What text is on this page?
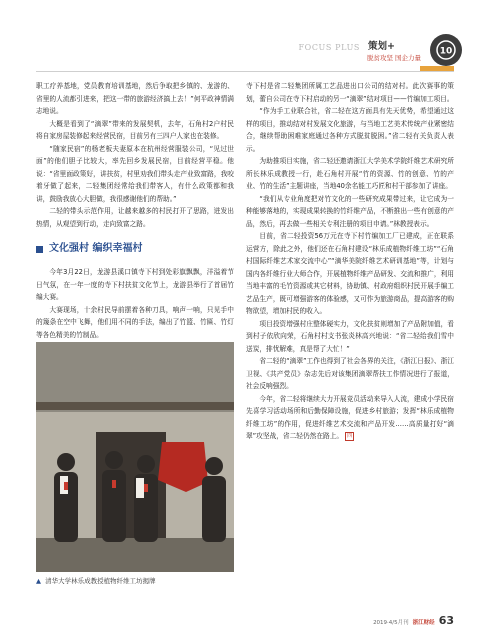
FOCUS PLUS 策划+
脱贫攻坚 国企力量
10

职工疗养基地，党员教育培训基地，然后争取把乡镇的、龙游的、省里的人流都引进来，把这一带的旅游经济搞上去！”何平政神情满志地说。

大概是看到了“滴翠”带来的发展契机，去年，石角村2户村民将自家房屋装修起来经营民宿，目前另有三四户人家也在装修。

“随家民宿”的杨老板夫妻原本在杭州经营服装公司，“见过世面”的他们胆子比较大，率先回乡发展民宿，目前经营平稳。他说：“省里面政策好，讲扶贫，村里劝我们带头走产业致富路，我咬着牙做了起来，二轻集团经常给我们带客人，有什么政策都和我讲，鼓励我放心大胆做，我很感谢他们的帮助。”

二轻的带头示范作用，让越来越多的村民打开了思路，迸发出热情，从观望到行动，走向致富之路。

文化强村 编织幸福村

今年3月22日，龙游县溪口镇寺下村到处彩旗飘飘，洋溢着节日气氛，在一年一度的寺下村扶贫文化节上，龙游县举行了首届竹编大赛。

大赛现场，十余村民导前摆着各种刀具，响声一响，只见手中的篾条在空中飞舞，他们用不同的手法，编出了竹篮、竹匾、竹灯等各色精美的竹制品。

▲ 清华大学林乐成教授植物纤维工坊揭牌

寺下村是省二轻集团所属工艺品进出口公司的结对村。此次赛事的策划，蕾自公司在寺下村启动的另一“滴翠”结对项目——竹编加工项目。

“作为手工业联合社，省二轻在这方面具有先天优势，希望通过这样的项目，推动结对村发展文化旅游，与当地工艺美术传统产业紧密结合，继续帮助困难家庭通过各种方式脱贫脱困。”省二轻有关负责人表示。

为助推项目实施，省二轻还邀请浙江大学美术学院纤维艺术研究所所长林乐成教授一行，赴石角村开展“竹的资源、竹的创意、竹的产业、竹的生活”主题讲座，当地40余名能工巧匠和村干部参加了讲座。

“我们从专业角度把对竹文化的一些研究成果带过来，让它成为一种能够落地的，实现成果转换的竹纤维产品，不断推出一些有创意的产品，然后，再去做一些相关专利注册的项目申请。”林教授表示。

目前，省二轻投资56万元在寺下村竹编加工厂已建成，正在联系运营方，除此之外，他们还在石角村建设“林乐成植物纤维工坊”“石角村国际纤维艺术家交流中心”“滴华美院纤维艺术研训基地”等，计划与国内各纤维行业大师合作，开展植物纤维产品研发、交流和推广，利用当地丰富的毛竹资源或其它材料，协助镇、村政府组织村民开展手编工艺品生产，既可增强游客的体验感，又可作为旅游商品，提高游客的购物欲望，增加村民的收入。

项目投资增强村庄整体硬实力，文化扶贫则增加了产品附加值，看到村子依欣向荣，石角村村支书张炎林高兴地说：“省二轻给我们雪中送炭，排忧解难，真是帮了大忙！”

省二轻的“滴翠”工作也得到了社会各界的关注，《浙江日报》、浙江卫视、《共产党员》杂志先后对该集团滴翠帮扶工作情况进行了报道，社会反响强烈。

今年，省二轻将继续大力开展竞员活动来导入人流，建成小学民宿先喜学习活动场所和后勤保障设施，促进乡村旅游；发挥“林乐成植物纤维工坊”的作用，促进纤维艺术交流和产品开发……高质量打好“滴翠”攻坚战，省二轻仍然在路上。 四

2019·4/5月刊 浙江财经 63
